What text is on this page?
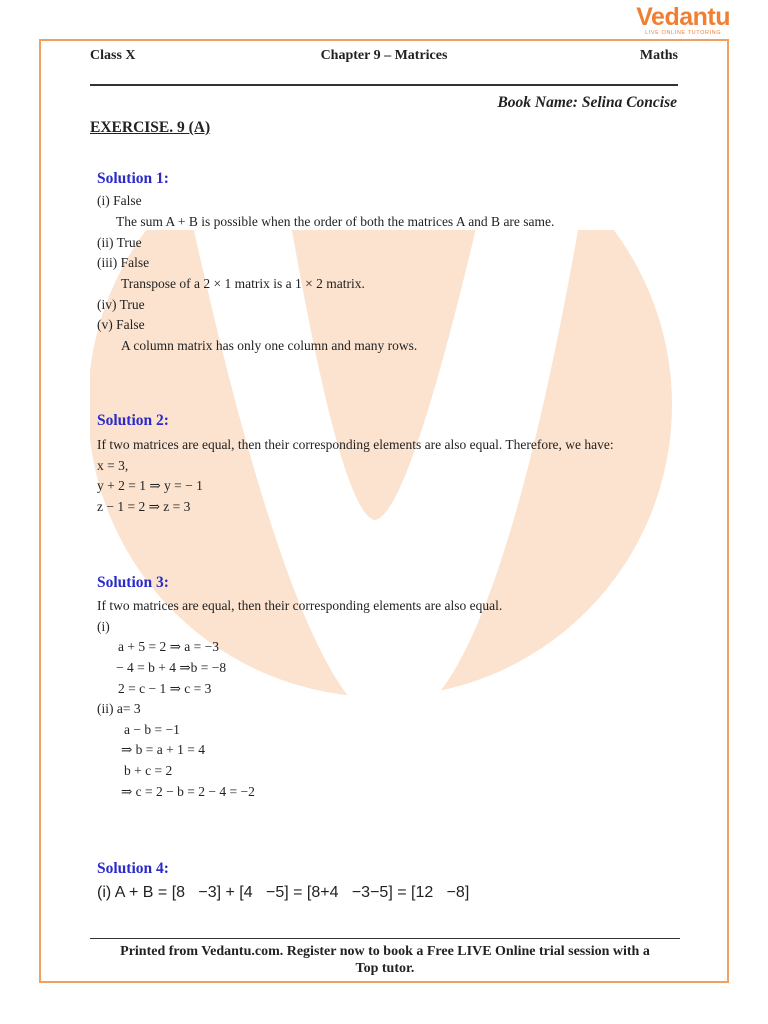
Vedantu
LIVE ONLINE TUTORING
Class X	Chapter 9 – Matrices	Maths
Book Name: Selina Concise
EXERCISE. 9 (A)
Solution 1:
(i) False
The sum A + B is possible when the order of both the matrices A and B are same.
(ii) True
(iii) False
Transpose of a 2 × 1 matrix is a 1 × 2 matrix.
(iv) True
(v) False
A column matrix has only one column and many rows.
Solution 2:
If two matrices are equal, then their corresponding elements are also equal. Therefore, we have:
x = 3,
y + 2 = 1 ⇒ y = − 1
z − 1 = 2 ⇒ z = 3
Solution 3:
If two matrices are equal, then their corresponding elements are also equal.
(i)
a + 5 = 2 ⇒ a = −3
− 4 = b + 4 ⇒b = −8
2 = c − 1 ⇒ c = 3
(ii) a= 3
a − b = −1
⇒ b = a + 1 = 4
b + c = 2
⇒ c = 2 − b = 2 − 4 = −2
Solution 4:
(i) A + B = [8   −3] + [4   −5] = [8+4   −3−5] = [12   −8]
Printed from Vedantu.com. Register now to book a Free LIVE Online trial session with a
Top tutor.
